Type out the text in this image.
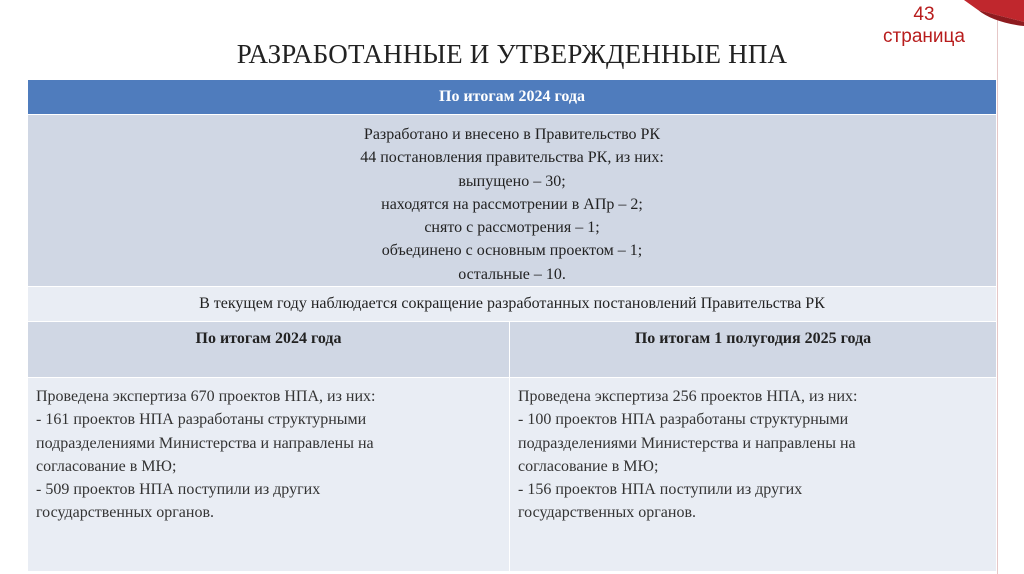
43
страница
РАЗРАБОТАННЫЕ И УТВЕРЖДЕННЫЕ НПА
По итогам 2024 года
Разработано и внесено в Правительство РК
44 постановления правительства РК, из них:
выпущено – 30;
находятся на рассмотрении в АПр – 2;
снято с рассмотрения – 1;
объединено с основным проектом – 1;
остальные – 10.
В текущем году наблюдается сокращение разработанных постановлений Правительства РК
По итогам 2024 года	По итогам 1 полугодия 2025 года
Проведена экспертиза 670 проектов НПА, из них:
- 161 проектов НПА разработаны структурными
подразделениями Министерства и направлены на
согласование в МЮ;
- 509 проектов НПА поступили из других
государственных органов.
Проведена экспертиза 256 проектов НПА, из них:
- 100 проектов НПА разработаны структурными
подразделениями Министерства и направлены на
согласование в МЮ;
- 156 проектов НПА поступили из других
государственных органов.
